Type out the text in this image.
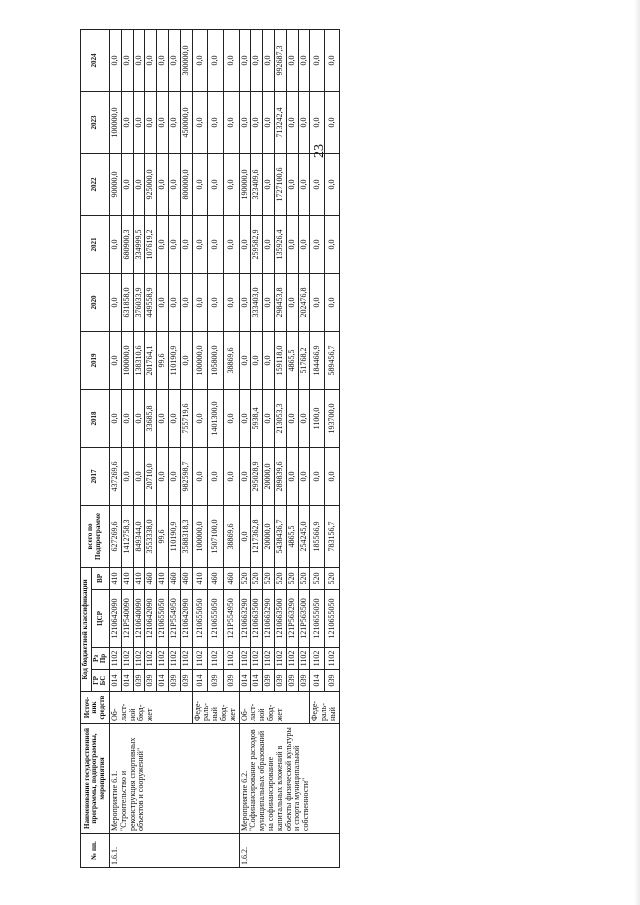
23
№ пп.	Наименование государственной программы, подпрограммы, мероприятия	Источ-ник средств	Код бюджетной классификации				всего по Подпрограмме	2017	2018	2019	2020	2021	2022	2023	2024
			ГР БС	Рз Пр	ЦСР	ВР									
1.6.1.	Мероприятие 6.1. "Строительство и реконструкция спортивных объектов и сооружений"	Об-ласт-ной бюд-жет	014	1102	1210642090	410	627269,6	437269,6	0,0	0,0	0,0	0,0	90000,0	100000,0	0,0
			014	1102	121P540090	410	1412758,3	0,0	0,0	100000,0	631858,0	680900,3	0,0	0,0	0,0
			039	1102	1210640090	410	849344,0	0,0	0,0	138310,6	376033,9	334999,5	0,0	0,0	0,0
			039	1102	1210642090	460	3553338,0	20710,0	33685,8	201764,1	449558,9	107619,2	925000,0	0,0	0,0
			014	1102	1210655050	410	99,6	0,0	0,0	99,6	0,0	0,0	0,0	0,0	0,0
			039	1102	121P554950	460	110190,9	0,0	0,0	110190,9	0,0	0,0	0,0	0,0	0,0
			039	1102	1210642090	460	3588318,3	982598,7	755719,6	0,0	0,0	0,0	800000,0	450000,0	300000,0
		Феде-раль-ный бюд-жет	014	1102	1210655050	410	100000,0	0,0	0,0	100000,0	0,0	0,0	0,0	0,0	0,0
			039	1102	1210655050	460	1507100,0	0,0	1401300,0	105800,0	0,0	0,0	0,0	0,0	0,0
			039	1102	121P554950	460	38869,6	0,0	0,0	38869,6	0,0	0,0	0,0	0,0	0,0
1.6.2.	Мероприятие 6.2. "Софинансирование расходов муниципальных образований на софинансирование капитальных вложений в объекты физической культуры и спорта муниципальной собственности"	Об-ласт-ной бюд-жет	014	1102	1210663290	520	0,0	0,0	0,0	0,0	0,0	0,0	190000,0	0,0	0,0
			014	1102	1210663500	520	1217362,8	295028,9	5938,4	0,0	333403,0	259582,9	323409,6	0,0	0,0
			039	1102	1210663290	520	20000,0	20000,0	0,0	0,0	0,0	0,0	0,0	0,0	0,0
			039	1102	1210663500	520	5438436,7	289839,6	213053,3	159118,0	298453,8	135926,4	1727100,6	713242,4	992687,3
			039	1102	121P563290	520	4865,5	0,0	0,0	4865,5	0,0	0,0	0,0	0,0	0,0
			039	1102	121P563500	520	254245,0	0,0	0,0	51768,2	202476,8	0,0	0,0	0,0	0,0
		Феде-раль-ный	014	1102	1210655050	520	185566,9	0,0	1100,0	184466,9	0,0	0,0	0,0	0,0	0,0
			039	1102	1210655050	520	783156,7	0,0	193700,0	589456,7	0,0	0,0	0,0	0,0	0,0
